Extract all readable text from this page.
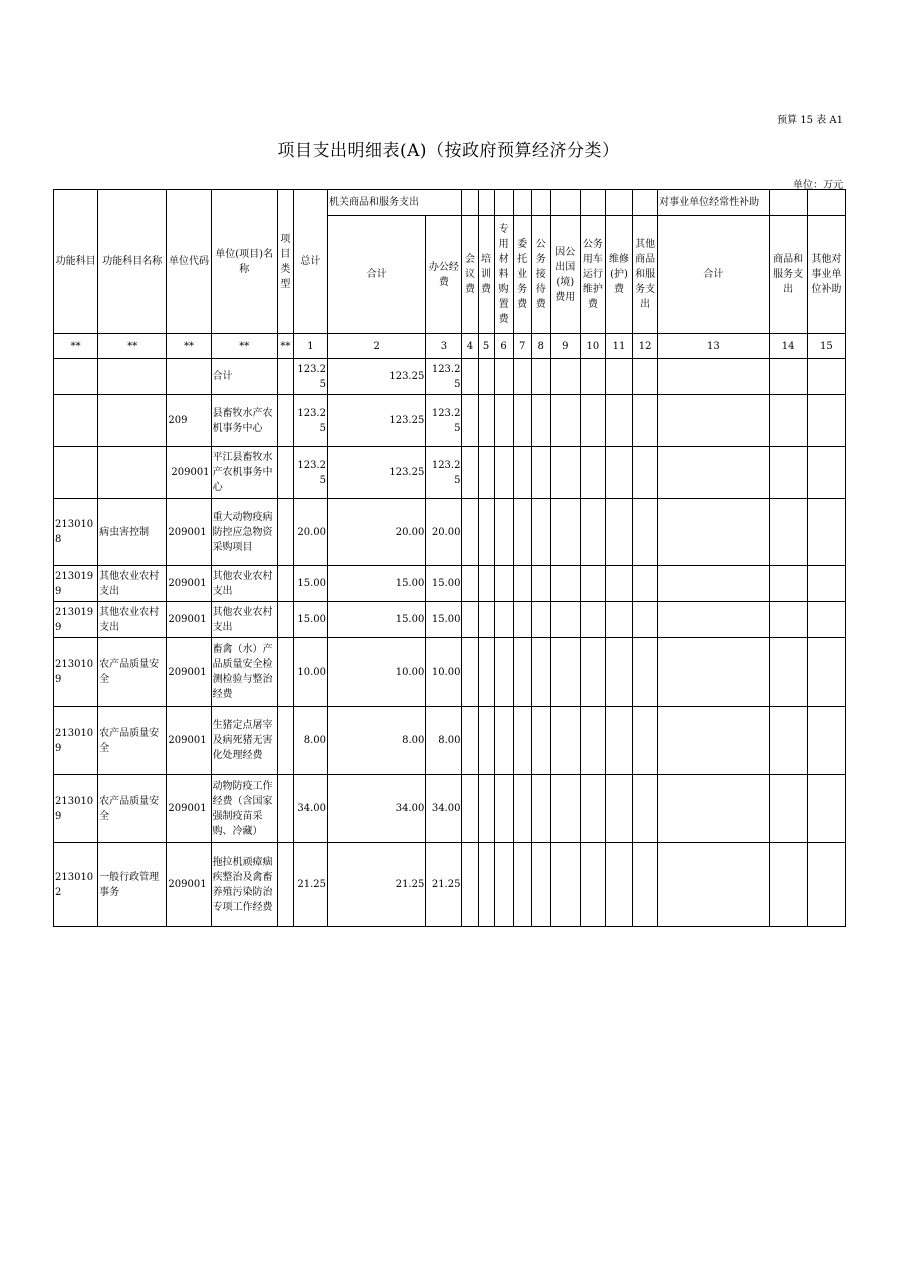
预算 15 表 A1
项目支出明细表(A)（按政府预算经济分类）
单位：万元
功能科目	功能科目名称	单位代码	单位(项目)名称	项目类型	总计	机关商品和服务支出											对事业单位经常性补助		
						合计	办公经费	会议费	培训费	专用材料购置费	委托业务费	公务接待费	因公出国(境)费用	公务用车运行维护费	维修(护)费	其他商品和服务支出	合计	商品和服务支出	其他对事业单位补助
**	**	**	**	**	1	2	3	4	5	6	7	8	9	10	11	12	13	14	15
			合计		123.25	123.25	123.25												
		209	县畜牧水产农机事务中心		123.25	123.25	123.25												
		209001	平江县畜牧水产农机事务中心		123.25	123.25	123.25												
2130108	病虫害控制	209001	重大动物疫病防控应急物资采购项目		20.00	20.00	20.00												
2130199	其他农业农村支出	209001	其他农业农村支出		15.00	15.00	15.00												
2130199	其他农业农村支出	209001	其他农业农村支出		15.00	15.00	15.00												
2130109	农产品质量安全	209001	畜禽（水）产品质量安全检测检验与整治经费		10.00	10.00	10.00												
2130109	农产品质量安全	209001	生猪定点屠宰及病死猪无害化处理经费		8.00	8.00	8.00												
2130109	农产品质量安全	209001	动物防疫工作经费（含国家强制疫苗采购、冷藏）		34.00	34.00	34.00												
2130102	一般行政管理事务	209001	拖拉机顽瘴痼疾整治及禽畜养殖污染防治专项工作经费		21.25	21.25	21.25												
